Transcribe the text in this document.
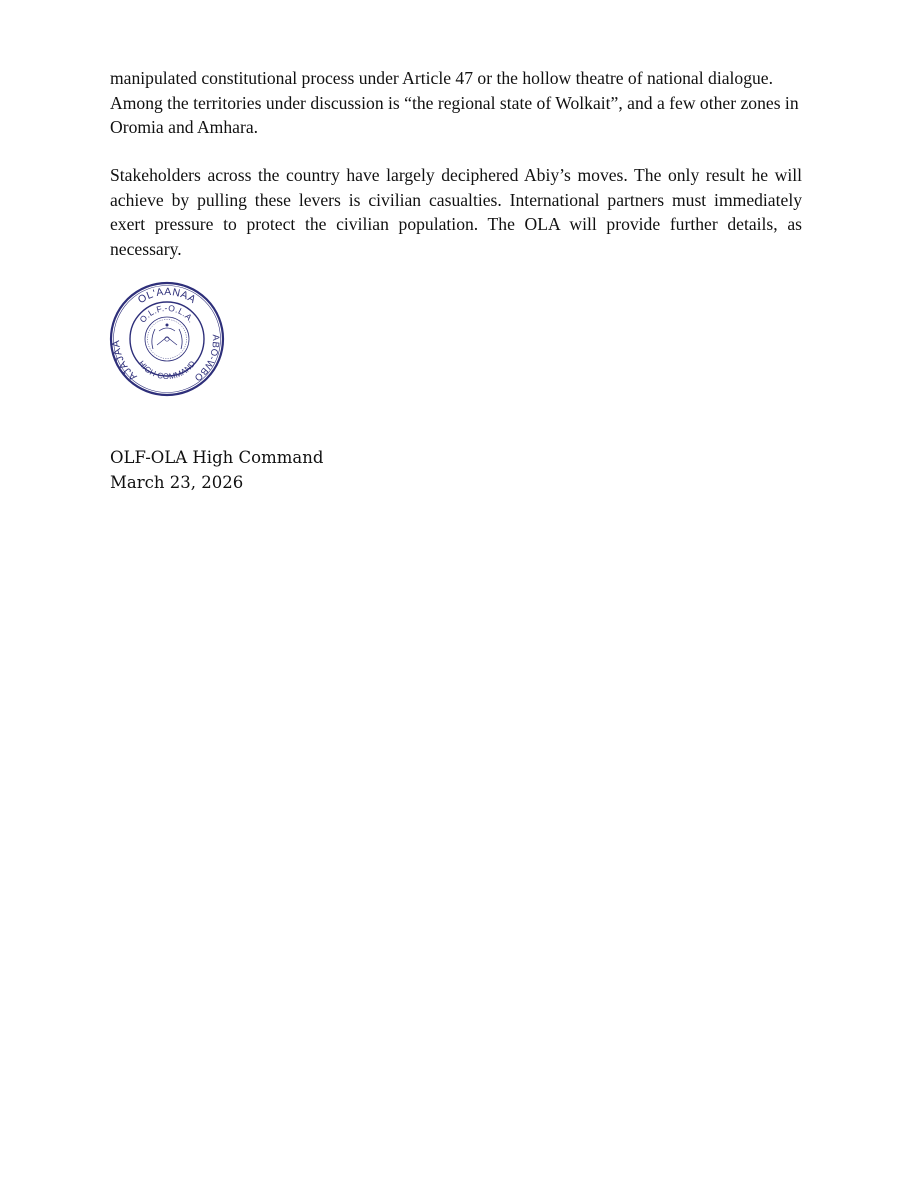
manipulated constitutional process under Article 47 or the hollow theatre of national dialogue. Among the territories under discussion is “the regional state of Wolkait”, and a few other zones in Oromia and Amhara.

Stakeholders across the country have largely deciphered Abiy’s moves. The only result he will achieve by pulling these levers is civilian casualties. International partners must immediately exert pressure to protect the civilian population. The OLA will provide further details, as necessary.

OL'AANAA
AJAJAA
ABO-WBO
O.L.F.-O.L.A.
HIGH COMMAND
OLF-OLA High Command
March 23, 2026
